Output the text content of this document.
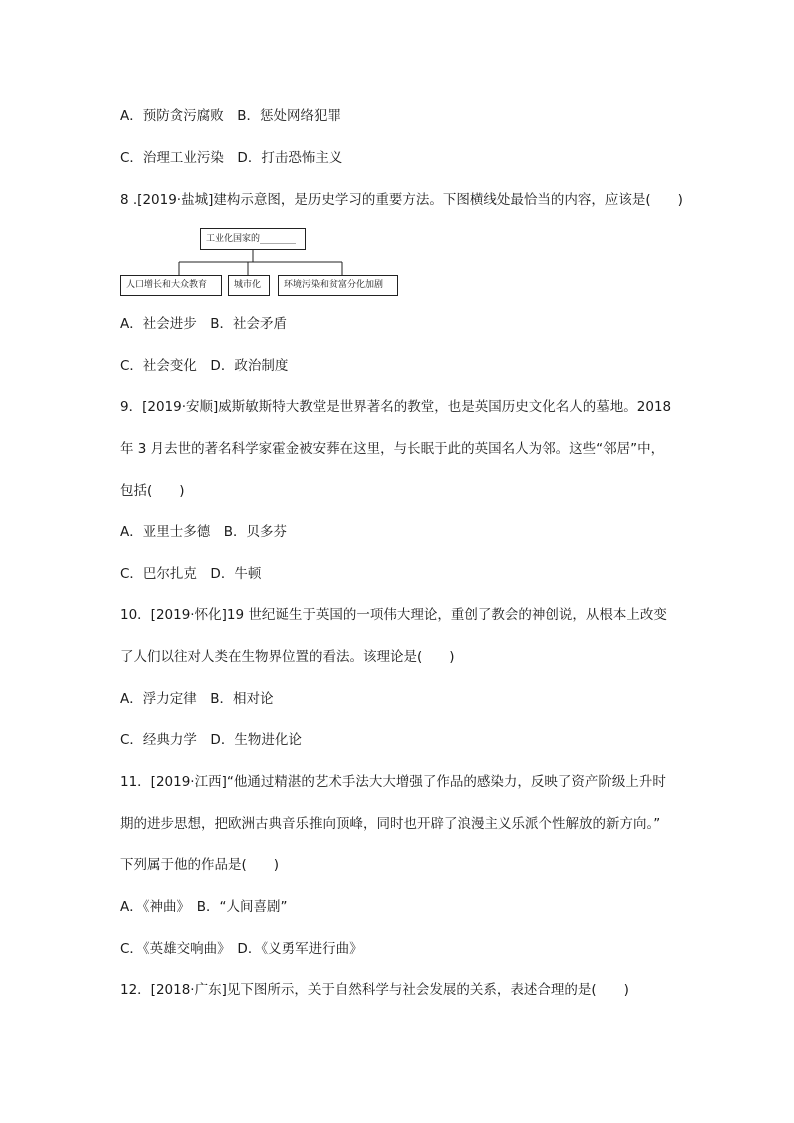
A．预防贪污腐败　B．惩处网络犯罪
C．治理工业污染　D．打击恐怖主义
8 .[2019·盐城]建构示意图，是历史学习的重要方法。下图横线处最恰当的内容，应该是(　　)
工业化国家的________
人口增长和大众教育	城市化	环境污染和贫富分化加剧
A．社会进步　B．社会矛盾
C．社会变化　D．政治制度
9．[2019·安顺]威斯敏斯特大教堂是世界著名的教堂，也是英国历史文化名人的墓地。2018
年 3 月去世的著名科学家霍金被安葬在这里，与长眠于此的英国名人为邻。这些“邻居”中，
包括(　　)
A．亚里士多德　B．贝多芬
C．巴尔扎克　D．牛顿
10．[2019·怀化]19 世纪诞生于英国的一项伟大理论，重创了教会的神创说，从根本上改变
了人们以往对人类在生物界位置的看法。该理论是(　　)
A．浮力定律　B．相对论
C．经典力学　D．生物进化论
11．[2019·江西]“他通过精湛的艺术手法大大增强了作品的感染力，反映了资产阶级上升时
期的进步思想，把欧洲古典音乐推向顶峰，同时也开辟了浪漫主义乐派个性解放的新方向。”
下列属于他的作品是(　　)
A．《神曲》　B．“人间喜剧”
C．《英雄交响曲》　D．《义勇军进行曲》
12．[2018·广东]见下图所示，关于自然科学与社会发展的关系，表述合理的是(　　)
